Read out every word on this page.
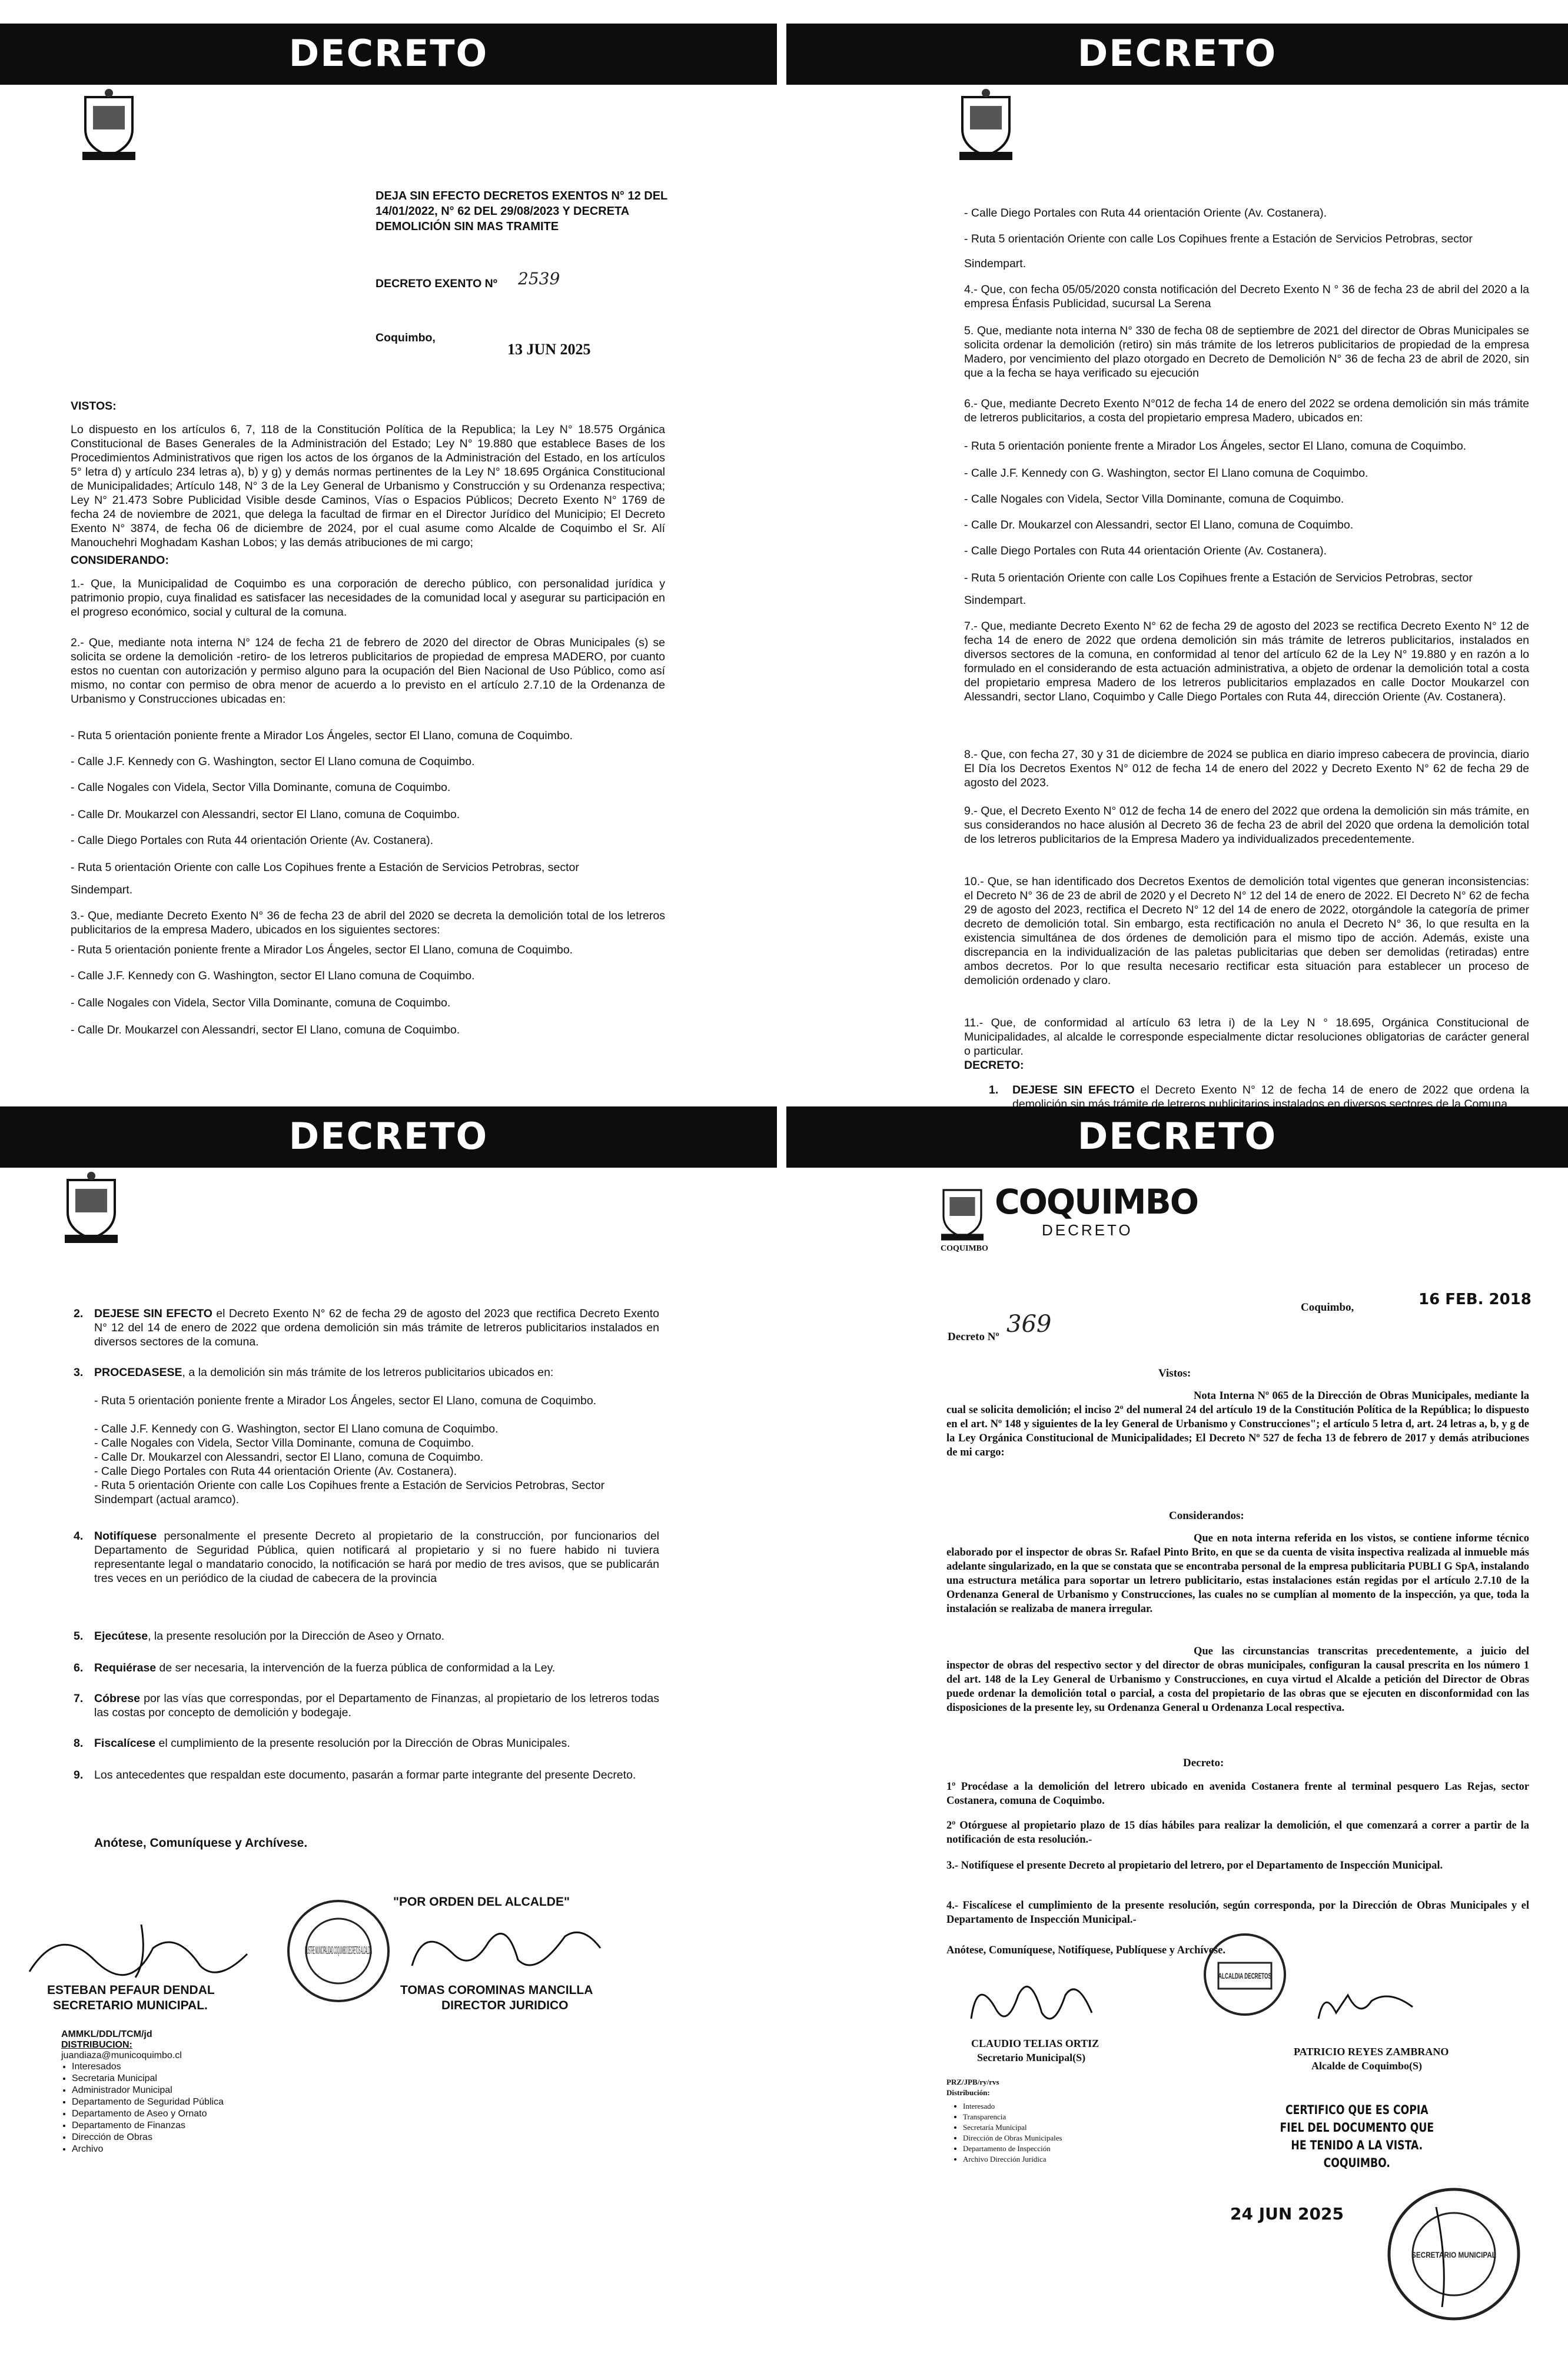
DECRETO	DECRETO
DECRETO	DECRETO
DEJA SIN EFECTO DECRETOS EXENTOS N° 12 DEL 14/01/2022, N° 62 DEL 29/08/2023 Y DECRETA DEMOLICIÓN SIN MAS TRAMITE
DECRETO EXENTO Nº 2539
Coquimbo,
13 JUN 2025
VISTOS:

Lo dispuesto en los artículos 6, 7, 118 de la Constitución Política de la Republica; la Ley N° 18.575 Orgánica Constitucional de Bases Generales de la Administración del Estado; Ley N° 19.880 que establece Bases de los Procedimientos Administrativos que rigen los actos de los órganos de la Administración del Estado, en los artículos 5° letra d) y artículo 234 letras a), b) y g) y demás normas pertinentes de la Ley N° 18.695 Orgánica Constitucional de Municipalidades; Artículo 148, N° 3 de la Ley General de Urbanismo y Construcción y su Ordenanza respectiva; Ley N° 21.473 Sobre Publicidad Visible desde Caminos, Vías o Espacios Públicos; Decreto Exento N° 1769 de fecha 24 de noviembre de 2021, que delega la facultad de firmar en el Director Jurídico del Municipio; El Decreto Exento N° 3874, de fecha 06 de diciembre de 2024, por el cual asume como Alcalde de Coquimbo el Sr. Alí Manouchehri Moghadam Kashan Lobos; y las demás atribuciones de mi cargo;

CONSIDERANDO:

1.- Que, la Municipalidad de Coquimbo es una corporación de derecho público, con personalidad jurídica y patrimonio propio, cuya finalidad es satisfacer las necesidades de la comunidad local y asegurar su participación en el progreso económico, social y cultural de la comuna.

2.- Que, mediante nota interna N° 124 de fecha 21 de febrero de 2020 del director de Obras Municipales (s) se solicita se ordene la demolición -retiro- de los letreros publicitarios de propiedad de empresa MADERO, por cuanto estos no cuentan con autorización y permiso alguno para la ocupación del Bien Nacional de Uso Público, como así mismo, no contar con permiso de obra menor de acuerdo a lo previsto en el artículo 2.7.10 de la Ordenanza de Urbanismo y Construcciones ubicadas en:

- Ruta 5 orientación poniente frente a Mirador Los Ángeles, sector El Llano, comuna de Coquimbo.
- Calle J.F. Kennedy con G. Washington, sector El Llano comuna de Coquimbo.
- Calle Nogales con Videla, Sector Villa Dominante, comuna de Coquimbo.
- Calle Dr. Moukarzel con Alessandri, sector El Llano, comuna de Coquimbo.
- Calle Diego Portales con Ruta 44 orientación Oriente (Av. Costanera).
- Ruta 5 orientación Oriente con calle Los Copihues frente a Estación de Servicios Petrobras, sector
Sindempart.

3.- Que, mediante Decreto Exento N° 36 de fecha 23 de abril del 2020 se decreta la demolición total de los letreros publicitarios de la empresa Madero, ubicados en los siguientes sectores:

- Ruta 5 orientación poniente frente a Mirador Los Ángeles, sector El Llano, comuna de Coquimbo.
- Calle J.F. Kennedy con G. Washington, sector El Llano comuna de Coquimbo.
- Calle Nogales con Videla, Sector Villa Dominante, comuna de Coquimbo.
- Calle Dr. Moukarzel con Alessandri, sector El Llano, comuna de Coquimbo.
- Calle Diego Portales con Ruta 44 orientación Oriente (Av. Costanera).
- Ruta 5 orientación Oriente con calle Los Copihues frente a Estación de Servicios Petrobras, sector
Sindempart.

4.- Que, con fecha 05/05/2020 consta notificación del Decreto Exento N ° 36 de fecha 23 de abril del 2020 a la empresa Énfasis Publicidad, sucursal La Serena

5. Que, mediante nota interna N° 330 de fecha 08 de septiembre de 2021 del director de Obras Municipales se solicita ordenar la demolición (retiro) sin más trámite de los letreros publicitarios de propiedad de la empresa Madero, por vencimiento del plazo otorgado en Decreto de Demolición N° 36 de fecha 23 de abril de 2020, sin que a la fecha se haya verificado su ejecución

6.- Que, mediante Decreto Exento N°012 de fecha 14 de enero del 2022 se ordena demolición sin más trámite de letreros publicitarios, a costa del propietario empresa Madero, ubicados en:

- Ruta 5 orientación poniente frente a Mirador Los Ángeles, sector El Llano, comuna de Coquimbo.
- Calle J.F. Kennedy con G. Washington, sector El Llano comuna de Coquimbo.
- Calle Nogales con Videla, Sector Villa Dominante, comuna de Coquimbo.
- Calle Dr. Moukarzel con Alessandri, sector El Llano, comuna de Coquimbo.
- Calle Diego Portales con Ruta 44 orientación Oriente (Av. Costanera).
- Ruta 5 orientación Oriente con calle Los Copihues frente a Estación de Servicios Petrobras, sector
Sindempart.

7.- Que, mediante Decreto Exento N° 62 de fecha 29 de agosto del 2023 se rectifica Decreto Exento N° 12 de fecha 14 de enero de 2022 que ordena demolición sin más trámite de letreros publicitarios, instalados en diversos sectores de la comuna, en conformidad al tenor del artículo 62 de la Ley N° 19.880 y en razón a lo formulado en el considerando de esta actuación administrativa, a objeto de ordenar la demolición total a costa del propietario empresa Madero de los letreros publicitarios emplazados en calle Doctor Moukarzel con Alessandri, sector Llano, Coquimbo y Calle Diego Portales con Ruta 44, dirección Oriente (Av. Costanera).

8.- Que, con fecha 27, 30 y 31 de diciembre de 2024 se publica en diario impreso cabecera de provincia, diario El Día los Decretos Exentos N° 012 de fecha 14 de enero del 2022 y Decreto Exento N° 62 de fecha 29 de agosto del 2023.

9.- Que, el Decreto Exento N° 012 de fecha 14 de enero del 2022 que ordena la demolición sin más trámite, en sus considerandos no hace alusión al Decreto 36 de fecha 23 de abril del 2020 que ordena la demolición total de los letreros publicitarios de la Empresa Madero ya individualizados precedentemente.

10.- Que, se han identificado dos Decretos Exentos de demolición total vigentes que generan inconsistencias: el Decreto N° 36 de 23 de abril de 2020 y el Decreto N° 12 del 14 de enero de 2022. El Decreto N° 62 de fecha 29 de agosto del 2023, rectifica el Decreto N° 12 del 14 de enero de 2022, otorgándole la categoría de primer decreto de demolición total. Sin embargo, esta rectificación no anula el Decreto N° 36, lo que resulta en la existencia simultánea de dos órdenes de demolición para el mismo tipo de acción. Además, existe una discrepancia en la individualización de las paletas publicitarias que deben ser demolidas (retiradas) entre ambos decretos. Por lo que resulta necesario rectificar esta situación para establecer un proceso de demolición ordenado y claro.

11.- Que, de conformidad al artículo 63 letra i) de la Ley N ° 18.695, Orgánica Constitucional de Municipalidades, al alcalde le corresponde especialmente dictar resoluciones obligatorias de carácter general o particular.

DECRETO:
1. DEJESE SIN EFECTO el Decreto Exento N° 12 de fecha 14 de enero de 2022 que ordena la demolición sin más trámite de letreros publicitarios instalados en diversos sectores de la Comuna.

2. DEJESE SIN EFECTO el Decreto Exento N° 62 de fecha 29 de agosto del 2023 que rectifica Decreto Exento N° 12 del 14 de enero de 2022 que ordena demolición sin más trámite de letreros publicitarios instalados en diversos sectores de la comuna.

3. PROCEDASESE, a la demolición sin más trámite de los letreros publicitarios ubicados en:

- Ruta 5 orientación poniente frente a Mirador Los Ángeles, sector El Llano, comuna de Coquimbo.
- Calle J.F. Kennedy con G. Washington, sector El Llano comuna de Coquimbo.
- Calle Nogales con Videla, Sector Villa Dominante, comuna de Coquimbo.
- Calle Dr. Moukarzel con Alessandri, sector El Llano, comuna de Coquimbo.
- Calle Diego Portales con Ruta 44 orientación Oriente (Av. Costanera).
- Ruta 5 orientación Oriente con calle Los Copihues frente a Estación de Servicios Petrobras, Sector Sindempart (actual aramco).
4. Notifíquese personalmente el presente Decreto al propietario de la construcción, por funcionarios del Departamento de Seguridad Pública, quien notificará al propietario y si no fuere habido ni tuviera representante legal o mandatario conocido, la notificación se hará por medio de tres avisos, que se publicarán tres veces en un periódico de la ciudad de cabecera de la provincia

5. Ejecútese, la presente resolución por la Dirección de Aseo y Ornato.

6. Requiérase de ser necesaria, la intervención de la fuerza pública de conformidad a la Ley.

7. Cóbrese por las vías que correspondas, por el Departamento de Finanzas, al propietario de los letreros todas las costas por concepto de demolición y bodegaje.

8. Fiscalícese el cumplimiento de la presente resolución por la Dirección de Obras Municipales.

9. Los antecedentes que respaldan este documento, pasarán a formar parte integrante del presente Decreto.

Anótese, Comuníquese y Archívese.
"POR ORDEN DEL ALCALDE"
ILUSTRE MUNICIPALIDAD COQUIMBO DECRETOS ALCALDIA
ESTEBAN PEFAUR DENDAL
SECRETARIO MUNICIPAL.
TOMAS COROMINAS MANCILLA
DIRECTOR JURIDICO
AMMKL/DDL/TCM/jd
DISTRIBUCION:
juandiaza@municoquimbo.cl
• Interesados
• Secretaria Municipal
• Administrador Municipal
• Departamento de Seguridad Pública
• Departamento de Aseo y Ornato
• Departamento de Finanzas
• Dirección de Obras
• Archivo
COQUIMBO
DECRETO
COQUIMBO
Coquimbo,	16 FEB. 2018
Decreto Nº 369
Vistos:

Nota Interna Nº 065 de la Dirección de Obras Municipales, mediante la cual se solicita demolición; el inciso 2º del numeral 24 del artículo 19 de la Constitución Política de la República; lo dispuesto en el art. Nº 148 y siguientes de la ley General de Urbanismo y Construcciones"; el artículo 5 letra d, art. 24 letras a, b, y g de la Ley Orgánica Constitucional de Municipalidades; El Decreto Nº 527 de fecha 13 de febrero de 2017 y demás atribuciones de mi cargo:

Considerandos:

Que en nota interna referida en los vistos, se contiene informe técnico elaborado por el inspector de obras Sr. Rafael Pinto Brito, en que se da cuenta de visita inspectiva realizada al inmueble más adelante singularizado, en la que se constata que se encontraba personal de la empresa publicitaria PUBLI G SpA, instalando una estructura metálica para soportar un letrero publicitario, estas instalaciones están regidas por el artículo 2.7.10 de la Ordenanza General de Urbanismo y Construcciones, las cuales no se cumplían al momento de la inspección, ya que, toda la instalación se realizaba de manera irregular.

Que las circunstancias transcritas precedentemente, a juicio del inspector de obras del respectivo sector y del director de obras municipales, configuran la causal prescrita en los número 1 del art. 148 de la Ley General de Urbanismo y Construcciones, en cuya virtud el Alcalde a petición del Director de Obras puede ordenar la demolición total o parcial, a costa del propietario de las obras que se ejecuten en disconformidad con las disposiciones de la presente ley, su Ordenanza General u Ordenanza Local respectiva.

Decreto:

1º Procédase a la demolición del letrero ubicado en avenida Costanera frente al terminal pesquero Las Rejas, sector Costanera, comuna de Coquimbo.

2º Otórguese al propietario plazo de 15 días hábiles para realizar la demolición, el que comenzará a correr a partir de la notificación de esta resolución.-

3.- Notifíquese el presente Decreto al propietario del letrero, por el Departamento de Inspección Municipal.

4.- Fiscalícese el cumplimiento de la presente resolución, según corresponda, por la Dirección de Obras Municipales y el Departamento de Inspección Municipal.-

Anótese, Comuníquese, Notifíquese, Publíquese y Archívese.
ALCALDIA DECRETOS
CLAUDIO TELIAS ORTIZ
Secretario Municipal(S)	PATRICIO REYES ZAMBRANO
Alcalde de Coquimbo(S)
PRZ/JPB/ry/rvs
Distribución:
• Interesado
• Transparencia
• Secretaría Municipal
• Dirección de Obras Municipales
• Departamento de Inspección
• Archivo Dirección Jurídica
CERTIFICO QUE ES COPIA FIEL DEL DOCUMENTO QUE HE TENIDO A LA VISTA. COQUIMBO.
24 JUN 2025
SECRETARIO MUNICIPAL
